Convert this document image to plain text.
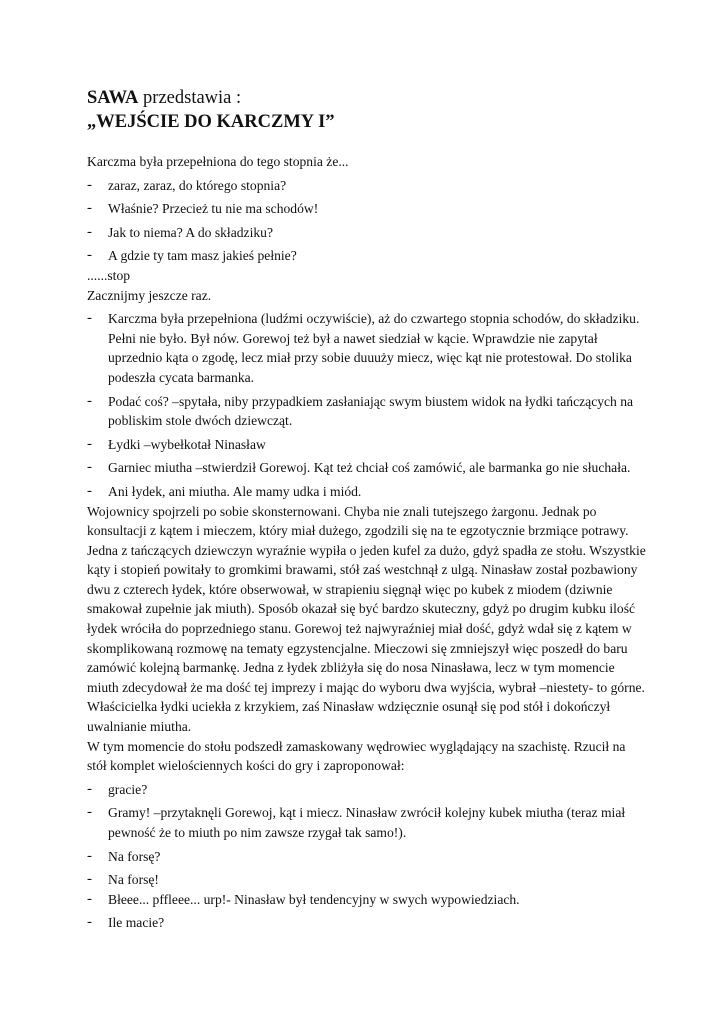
SAWA przedstawia :
„WEJŚCIE DO KARCZMY I”

Karczma była przepełniona do tego stopnia że...

- zaraz, zaraz, do którego stopnia?

- Właśnie? Przecież tu nie ma schodów!

- Jak to niema? A do składziku?

- A gdzie ty tam masz jakieś pełnie?

......stop

Zacznijmy jeszcze raz.

- Karczma była przepełniona (ludźmi oczywiście), aż do czwartego stopnia schodów, do składziku. Pełni nie było. Był nów. Gorewoj też był a nawet siedział w kącie. Wprawdzie nie zapytał uprzednio kąta o zgodę, lecz miał przy sobie duuuży miecz, więc kąt nie protestował. Do stolika podeszła cycata barmanka.

- Podać coś? –spytała, niby przypadkiem zasłaniając swym biustem widok na łydki tańczących na pobliskim stole dwóch dziewcząt.

- Łydki –wybełkotał Ninasław

- Garniec miutha –stwierdził Gorewoj. Kąt też chciał coś zamówić, ale barmanka go nie słuchała.

- Ani łydek, ani miutha. Ale mamy udka i miód.

Wojownicy spojrzeli po sobie skonsternowani. Chyba nie znali tutejszego żargonu. Jednak po konsultacji z kątem i mieczem, który miał dużego, zgodzili się na te egzotycznie brzmiące potrawy. Jedna z tańczących dziewczyn wyraźnie wypiła o jeden kufel za dużo, gdyż spadła ze stołu. Wszystkie kąty i stopień powitały to gromkimi brawami, stół zaś westchnął z ulgą. Ninasław został pozbawiony dwu z czterech łydek, które obserwował, w strapieniu sięgnął więc po kubek z miodem (dziwnie smakował zupełnie jak miuth). Sposób okazał się być bardzo skuteczny, gdyż po drugim kubku ilość łydek wróciła do poprzedniego stanu. Gorewoj też najwyraźniej miał dość, gdyż wdał się z kątem w skomplikowaną rozmowę na tematy egzystencjalne. Mieczowi się zmniejszył więc poszedł do baru zamówić kolejną barmankę. Jedna z łydek zbliżyła się do nosa Ninasława, lecz w tym momencie miuth zdecydował że ma dość tej imprezy i mając do wyboru dwa wyjścia, wybrał –niestety- to górne. Właścicielka łydki uciekła z krzykiem, zaś Ninasław wdzięcznie osunął się pod stół i dokończył uwalnianie miutha.

W tym momencie do stołu podszedł zamaskowany wędrowiec wyglądający na szachistę. Rzucił na stół komplet wielościennych kości do gry i zaproponował:

- gracie?

- Gramy! –przytaknęli Gorewoj, kąt i miecz. Ninasław zwrócił kolejny kubek miutha (teraz miał pewność że to miuth po nim zawsze rzygał tak samo!).

- Na forsę?

- Na forsę!

- Błeee... pffleee... urp!- Ninasław był tendencyjny w swych wypowiedziach.

- Ile macie?
